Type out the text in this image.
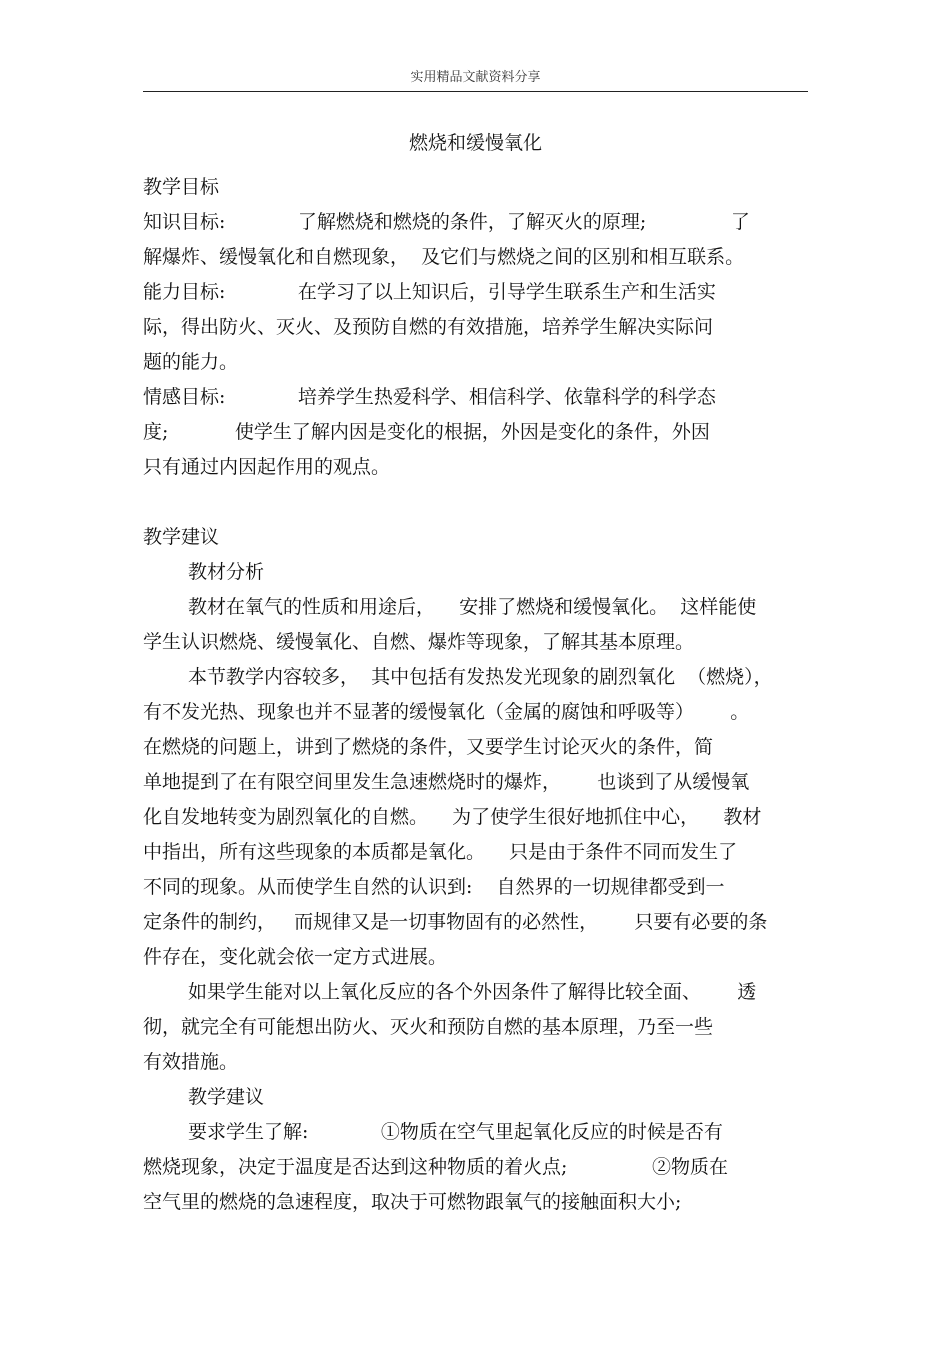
实用精品文献资料分享
燃烧和缓慢氧化
教学目标
知识目标:            了解燃烧和燃烧的条件，了解灭火的原理;              了
解爆炸、缓慢氧化和自燃现象，  及它们与燃烧之间的区别和相互联系。
能力目标:            在学习了以上知识后，引导学生联系生产和生活实
际，得出防火、灭火、及预防自燃的有效措施，培养学生解决实际问
题的能力。
情感目标:            培养学生热爱科学、相信科学、依靠科学的科学态
度;           使学生了解内因是变化的根据，外因是变化的条件，外因
只有通过内因起作用的观点。
教学建议
教材分析
教材在氧气的性质和用途后，    安排了燃烧和缓慢氧化。  这样能使
学生认识燃烧、缓慢氧化、自燃、爆炸等现象，了解其基本原理。
本节教学内容较多，  其中包括有发热发光现象的剧烈氧化  （燃烧），
有不发光热、现象也并不显著的缓慢氧化（金属的腐蚀和呼吸等）      。
在燃烧的问题上，讲到了燃烧的条件，又要学生讨论灭火的条件，简
单地提到了在有限空间里发生急速燃烧时的爆炸，      也谈到了从缓慢氧
化自发地转变为剧烈氧化的自燃。    为了使学生很好地抓住中心，    教材
中指出，所有这些现象的本质都是氧化。    只是由于条件不同而发生了
不同的现象。从而使学生自然的认识到:    自然界的一切规律都受到一
定条件的制约，   而规律又是一切事物固有的必然性，      只要有必要的条
件存在，变化就会依一定方式进展。
如果学生能对以上氧化反应的各个外因条件了解得比较全面、      透
彻，就完全有可能想出防火、灭火和预防自燃的基本原理，乃至一些
有效措施。
教学建议
要求学生了解:            ①物质在空气里起氧化反应的时候是否有
燃烧现象，决定于温度是否达到这种物质的着火点;              ②物质在
空气里的燃烧的急速程度，取决于可燃物跟氧气的接触面积大小;
